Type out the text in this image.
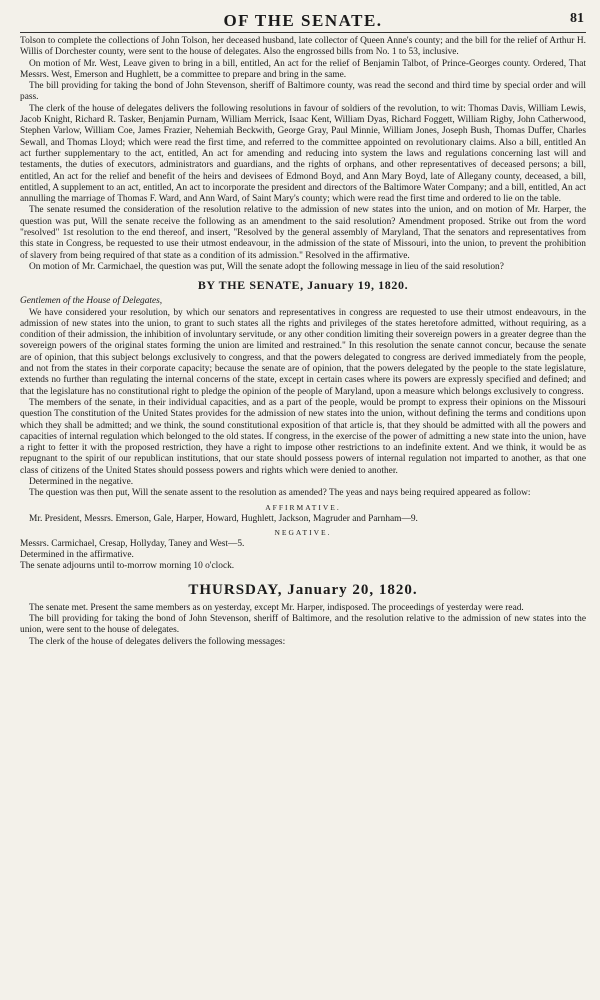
OF THE SENATE.	81

Tolson to complete the collections of John Tolson, her deceased husband, late collector of Queen Anne's county; and the bill for the relief of Arthur H. Willis of Dorchester county, were sent to the house of delegates. Also the engrossed bills from No. 1 to 53, inclusive.

On motion of Mr. West, Leave given to bring in a bill, entitled, An act for the relief of Benjamin Talbot, of Prince-Georges county. Ordered, That Messrs. West, Emerson and Hughlett, be a committee to prepare and bring in the same.

The bill providing for taking the bond of John Stevenson, sheriff of Baltimore county, was read the second and third time by special order and will pass.

The clerk of the house of delegates delivers the following resolutions in favour of soldiers of the revolution, to wit: Thomas Davis, William Lewis, Jacob Knight, Richard R. Tasker, Benjamin Purnam, William Merrick, Isaac Kent, William Dyas, Richard Foggett, William Rigby, John Catherwood, Stephen Varlow, William Coe, James Frazier, Nehemiah Beckwith, George Gray, Paul Minnie, William Jones, Joseph Bush, Thomas Duffer, Charles Sewall, and Thomas Lloyd; which were read the first time, and referred to the committee appointed on revolutionary claims. Also a bill, entitled An act further supplementary to the act, entitled, An act for amending and reducing into system the laws and regulations concerning last will and testaments, the duties of executors, administrators and guardians, and the rights of orphans, and other representatives of deceased persons; a bill, entitled, An act for the relief and benefit of the heirs and devisees of Edmond Boyd, and Ann Mary Boyd, late of Allegany county, deceased, a bill, entitled, A supplement to an act, entitled, An act to incorporate the president and directors of the Baltimore Water Company; and a bill, entitled, An act annulling the marriage of Thomas F. Ward, and Ann Ward, of Saint Mary's county; which were read the first time and ordered to lie on the table.

The senate resumed the consideration of the resolution relative to the admission of new states into the union, and on motion of Mr. Harper, the question was put, Will the senate receive the following as an amendment to the said resolution? Amendment proposed. Strike out from the word "resolved" 1st resolution to the end thereof, and insert, "Resolved by the general assembly of Maryland, That the senators and representatives from this state in Congress, be requested to use their utmost endeavour, in the admission of the state of Missouri, into the union, to prevent the prohibition of slavery from being required of that state as a condition of its admission." Resolved in the affirmative.

On motion of Mr. Carmichael, the question was put, Will the senate adopt the following message in lieu of the said resolution?

BY THE SENATE, January 19, 1820.
Gentlemen of the House of Delegates,

We have considered your resolution, by which our senators and representatives in congress are requested to use their utmost endeavours, in the admission of new states into the union, to grant to such states all the rights and privileges of the states heretofore admitted, without requiring, as a condition of their admission, the inhibition of involuntary servitude, or any other condition limiting their sovereign powers in a greater degree than the sovereign powers of the original states forming the union are limited and restrained." In this resolution the senate cannot concur, because the senate are of opinion, that this subject belongs exclusively to congress, and that the powers delegated to congress are derived immediately from the people, and not from the states in their corporate capacity; because the senate are of opinion, that the powers delegated by the people to the state legislature, extends no further than regulating the internal concerns of the state, except in certain cases where its powers are expressly specified and defined; and that the legislature has no constitutional right to pledge the opinion of the people of Maryland, upon a measure which belongs exclusively to congress.

The members of the senate, in their individual capacities, and as a part of the people, would be prompt to express their opinions on the Missouri question The constitution of the United States provides for the admission of new states into the union, without defining the terms and conditions upon which they shall be admitted; and we think, the sound constitutional exposition of that article is, that they should be admitted with all the powers and capacities of internal regulation which belonged to the old states. If congress, in the exercise of the power of admitting a new state into the union, have a right to fetter it with the proposed restriction, they have a right to impose other restrictions to an indefinite extent. And we think, it would be as repugnant to the spirit of our republican institutions, that our state should possess powers of internal regulation not imparted to another, as that one class of citizens of the United States should possess powers and rights which were denied to another.

Determined in the negative.

The question was then put, Will the senate assent to the resolution as amended? The yeas and nays being required appeared as follow:

AFFIRMATIVE.

Mr. President, Messrs. Emerson, Gale, Harper, Howard, Hughlett, Jackson, Magruder and Parnham—9.

NEGATIVE.

Messrs. Carmichael, Cresap, Hollyday, Taney and West—5.

Determined in the affirmative.

The senate adjourns until to-morrow morning 10 o'clock.

THURSDAY, January 20, 1820.

The senate met. Present the same members as on yesterday, except Mr. Harper, indisposed. The proceedings of yesterday were read.

The bill providing for taking the bond of John Stevenson, sheriff of Baltimore, and the resolution relative to the admission of new states into the union, were sent to the house of delegates.

The clerk of the house of delegates delivers the following messages:
